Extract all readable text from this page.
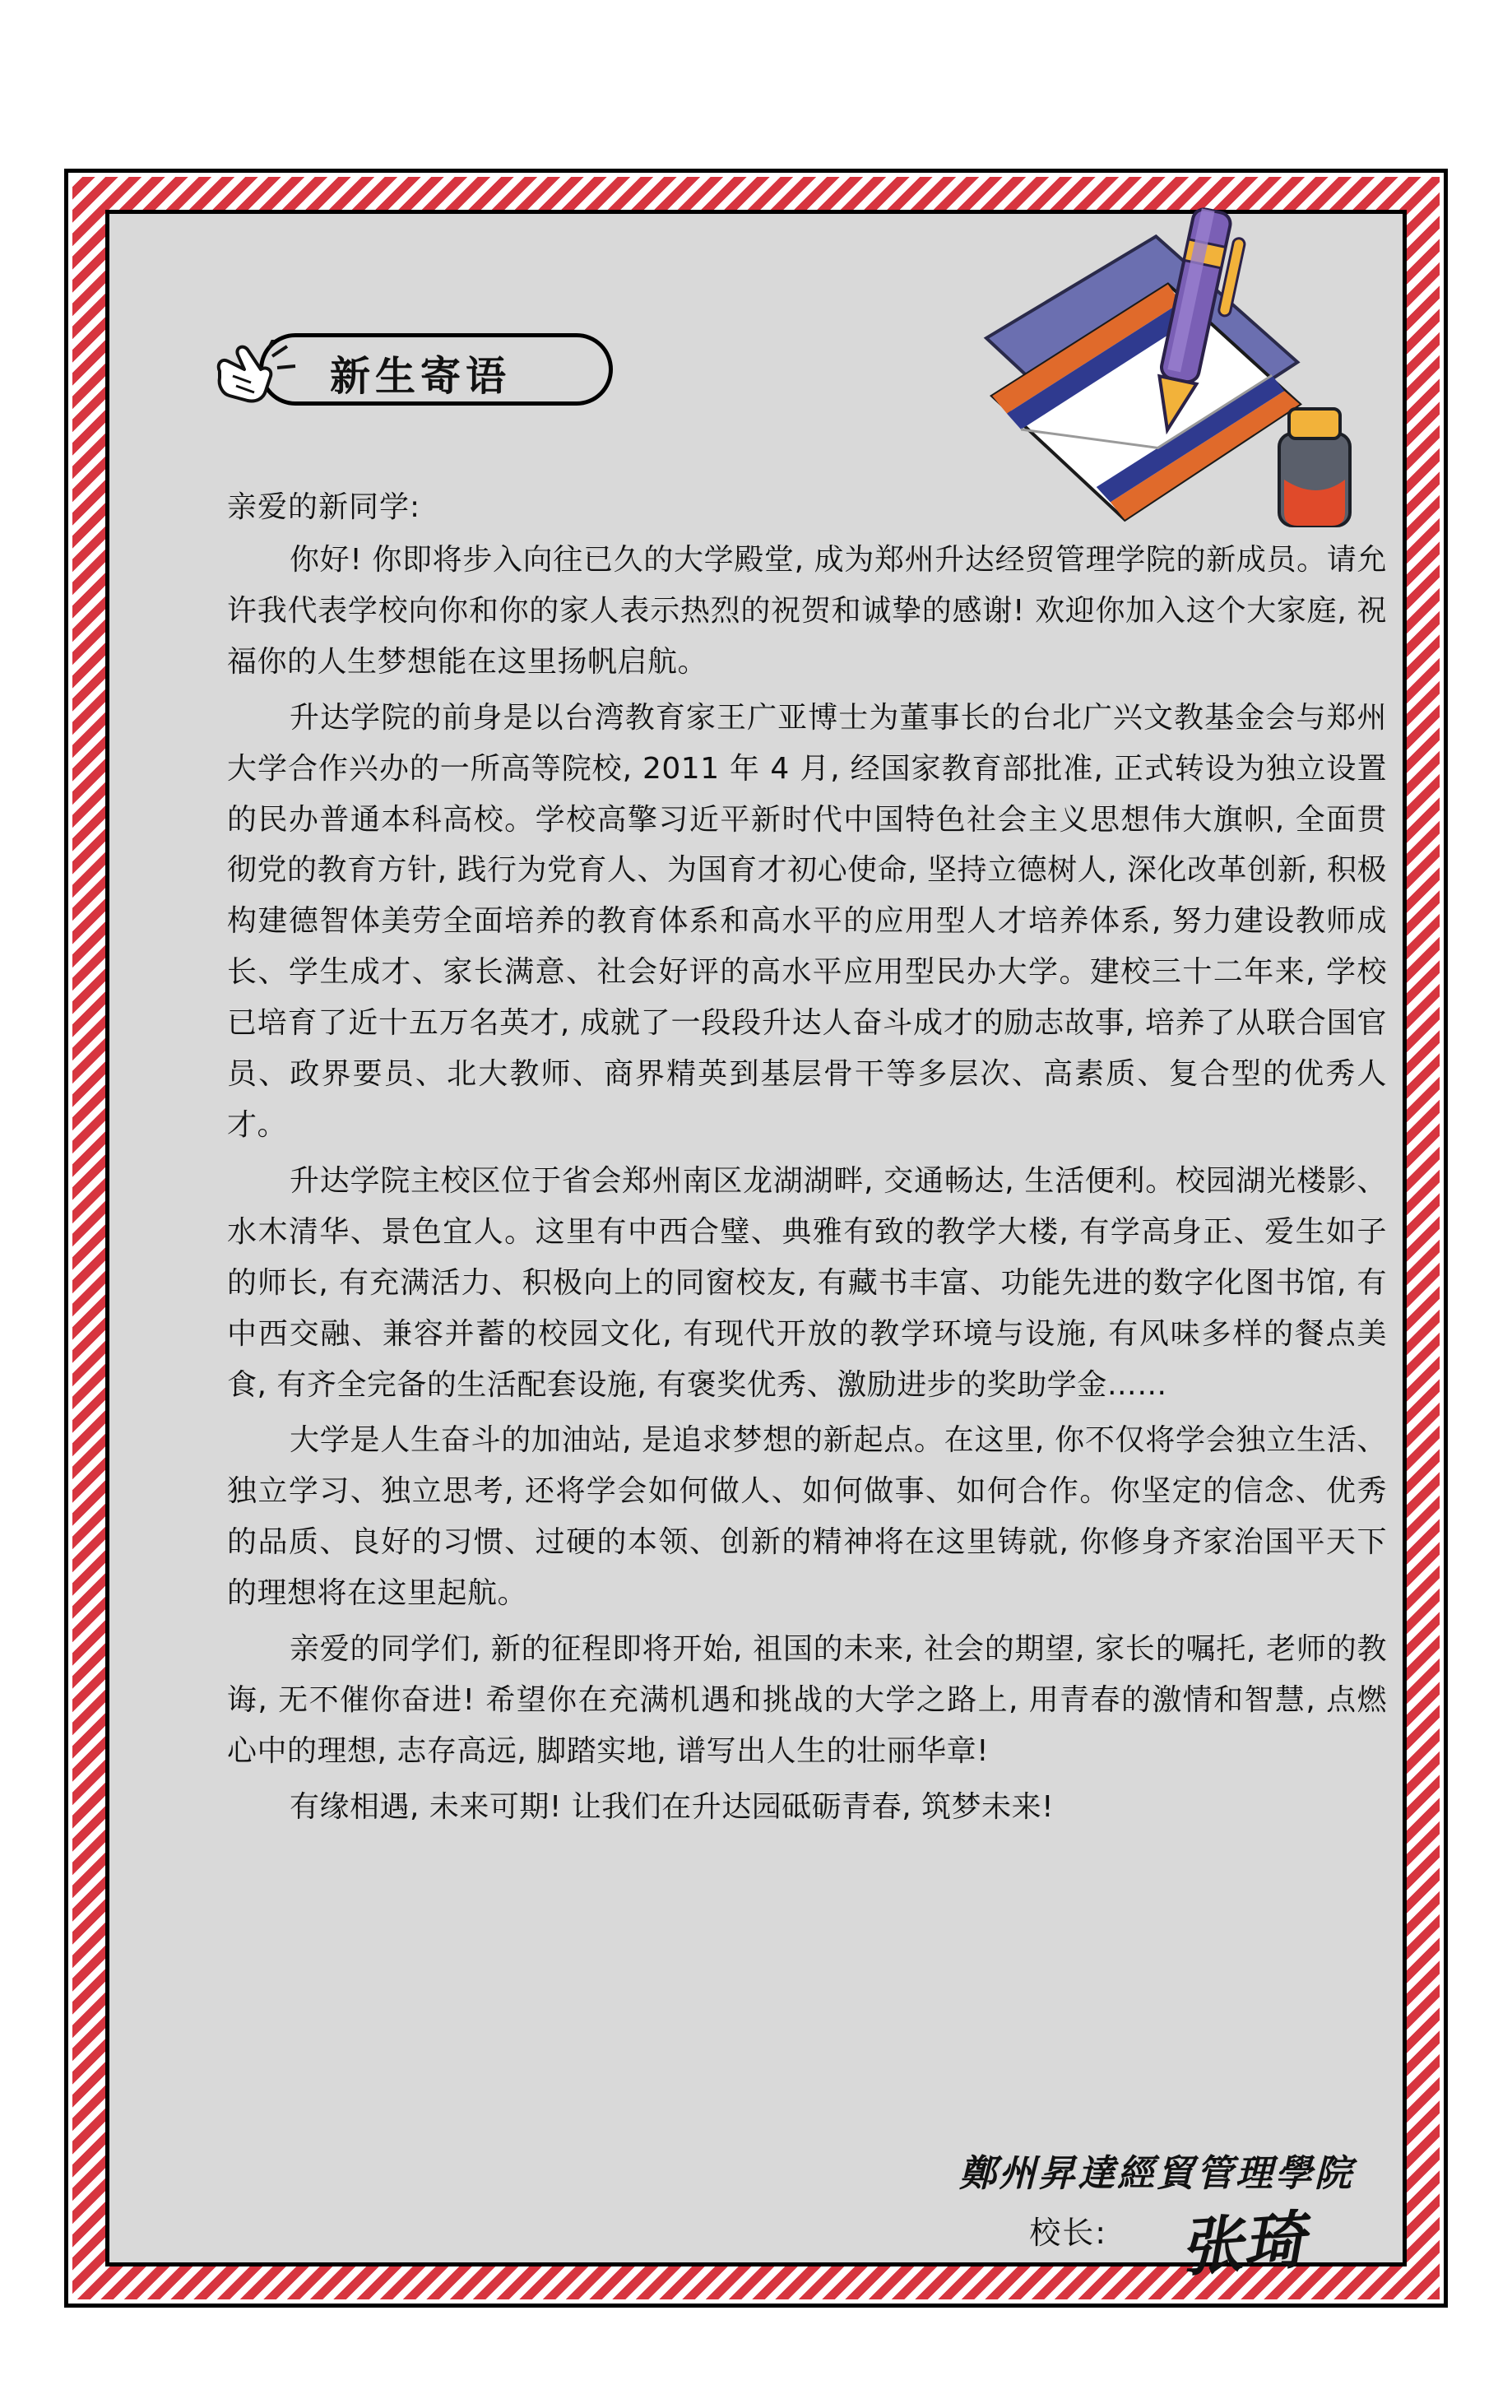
新生寄语

亲爱的新同学:

你好! 你即将步入向往已久的大学殿堂, 成为郑州升达经贸管理学院的新成员。请允许我代表学校向你和你的家人表示热烈的祝贺和诚挚的感谢! 欢迎你加入这个大家庭, 祝福你的人生梦想能在这里扬帆启航。

升达学院的前身是以台湾教育家王广亚博士为董事长的台北广兴文教基金会与郑州大学合作兴办的一所高等院校, 2011 年 4 月, 经国家教育部批准, 正式转设为独立设置的民办普通本科高校。学校高擎习近平新时代中国特色社会主义思想伟大旗帜, 全面贯彻党的教育方针, 践行为党育人、为国育才初心使命, 坚持立德树人, 深化改革创新, 积极构建德智体美劳全面培养的教育体系和高水平的应用型人才培养体系, 努力建设教师成长、学生成才、家长满意、社会好评的高水平应用型民办大学。建校三十二年来, 学校已培育了近十五万名英才, 成就了一段段升达人奋斗成才的励志故事, 培养了从联合国官员、政界要员、北大教师、商界精英到基层骨干等多层次、高素质、复合型的优秀人才。

升达学院主校区位于省会郑州南区龙湖湖畔, 交通畅达, 生活便利。校园湖光楼影、水木清华、景色宜人。这里有中西合璧、典雅有致的教学大楼, 有学高身正、爱生如子的师长, 有充满活力、积极向上的同窗校友, 有藏书丰富、功能先进的数字化图书馆, 有中西交融、兼容并蓄的校园文化, 有现代开放的教学环境与设施, 有风味多样的餐点美食, 有齐全完备的生活配套设施, 有褒奖优秀、激励进步的奖助学金……

大学是人生奋斗的加油站, 是追求梦想的新起点。在这里, 你不仅将学会独立生活、独立学习、独立思考, 还将学会如何做人、如何做事、如何合作。你坚定的信念、优秀的品质、良好的习惯、过硬的本领、创新的精神将在这里铸就, 你修身齐家治国平天下的理想将在这里起航。

亲爱的同学们, 新的征程即将开始, 祖国的未来, 社会的期望, 家长的嘱托, 老师的教诲, 无不催你奋进! 希望你在充满机遇和挑战的大学之路上, 用青春的激情和智慧, 点燃心中的理想, 志存高远, 脚踏实地, 谱写出人生的壮丽华章!

有缘相遇, 未来可期! 让我们在升达园砥砺青春, 筑梦未来!

鄭州昇達經貿管理學院
校长: 张琦
